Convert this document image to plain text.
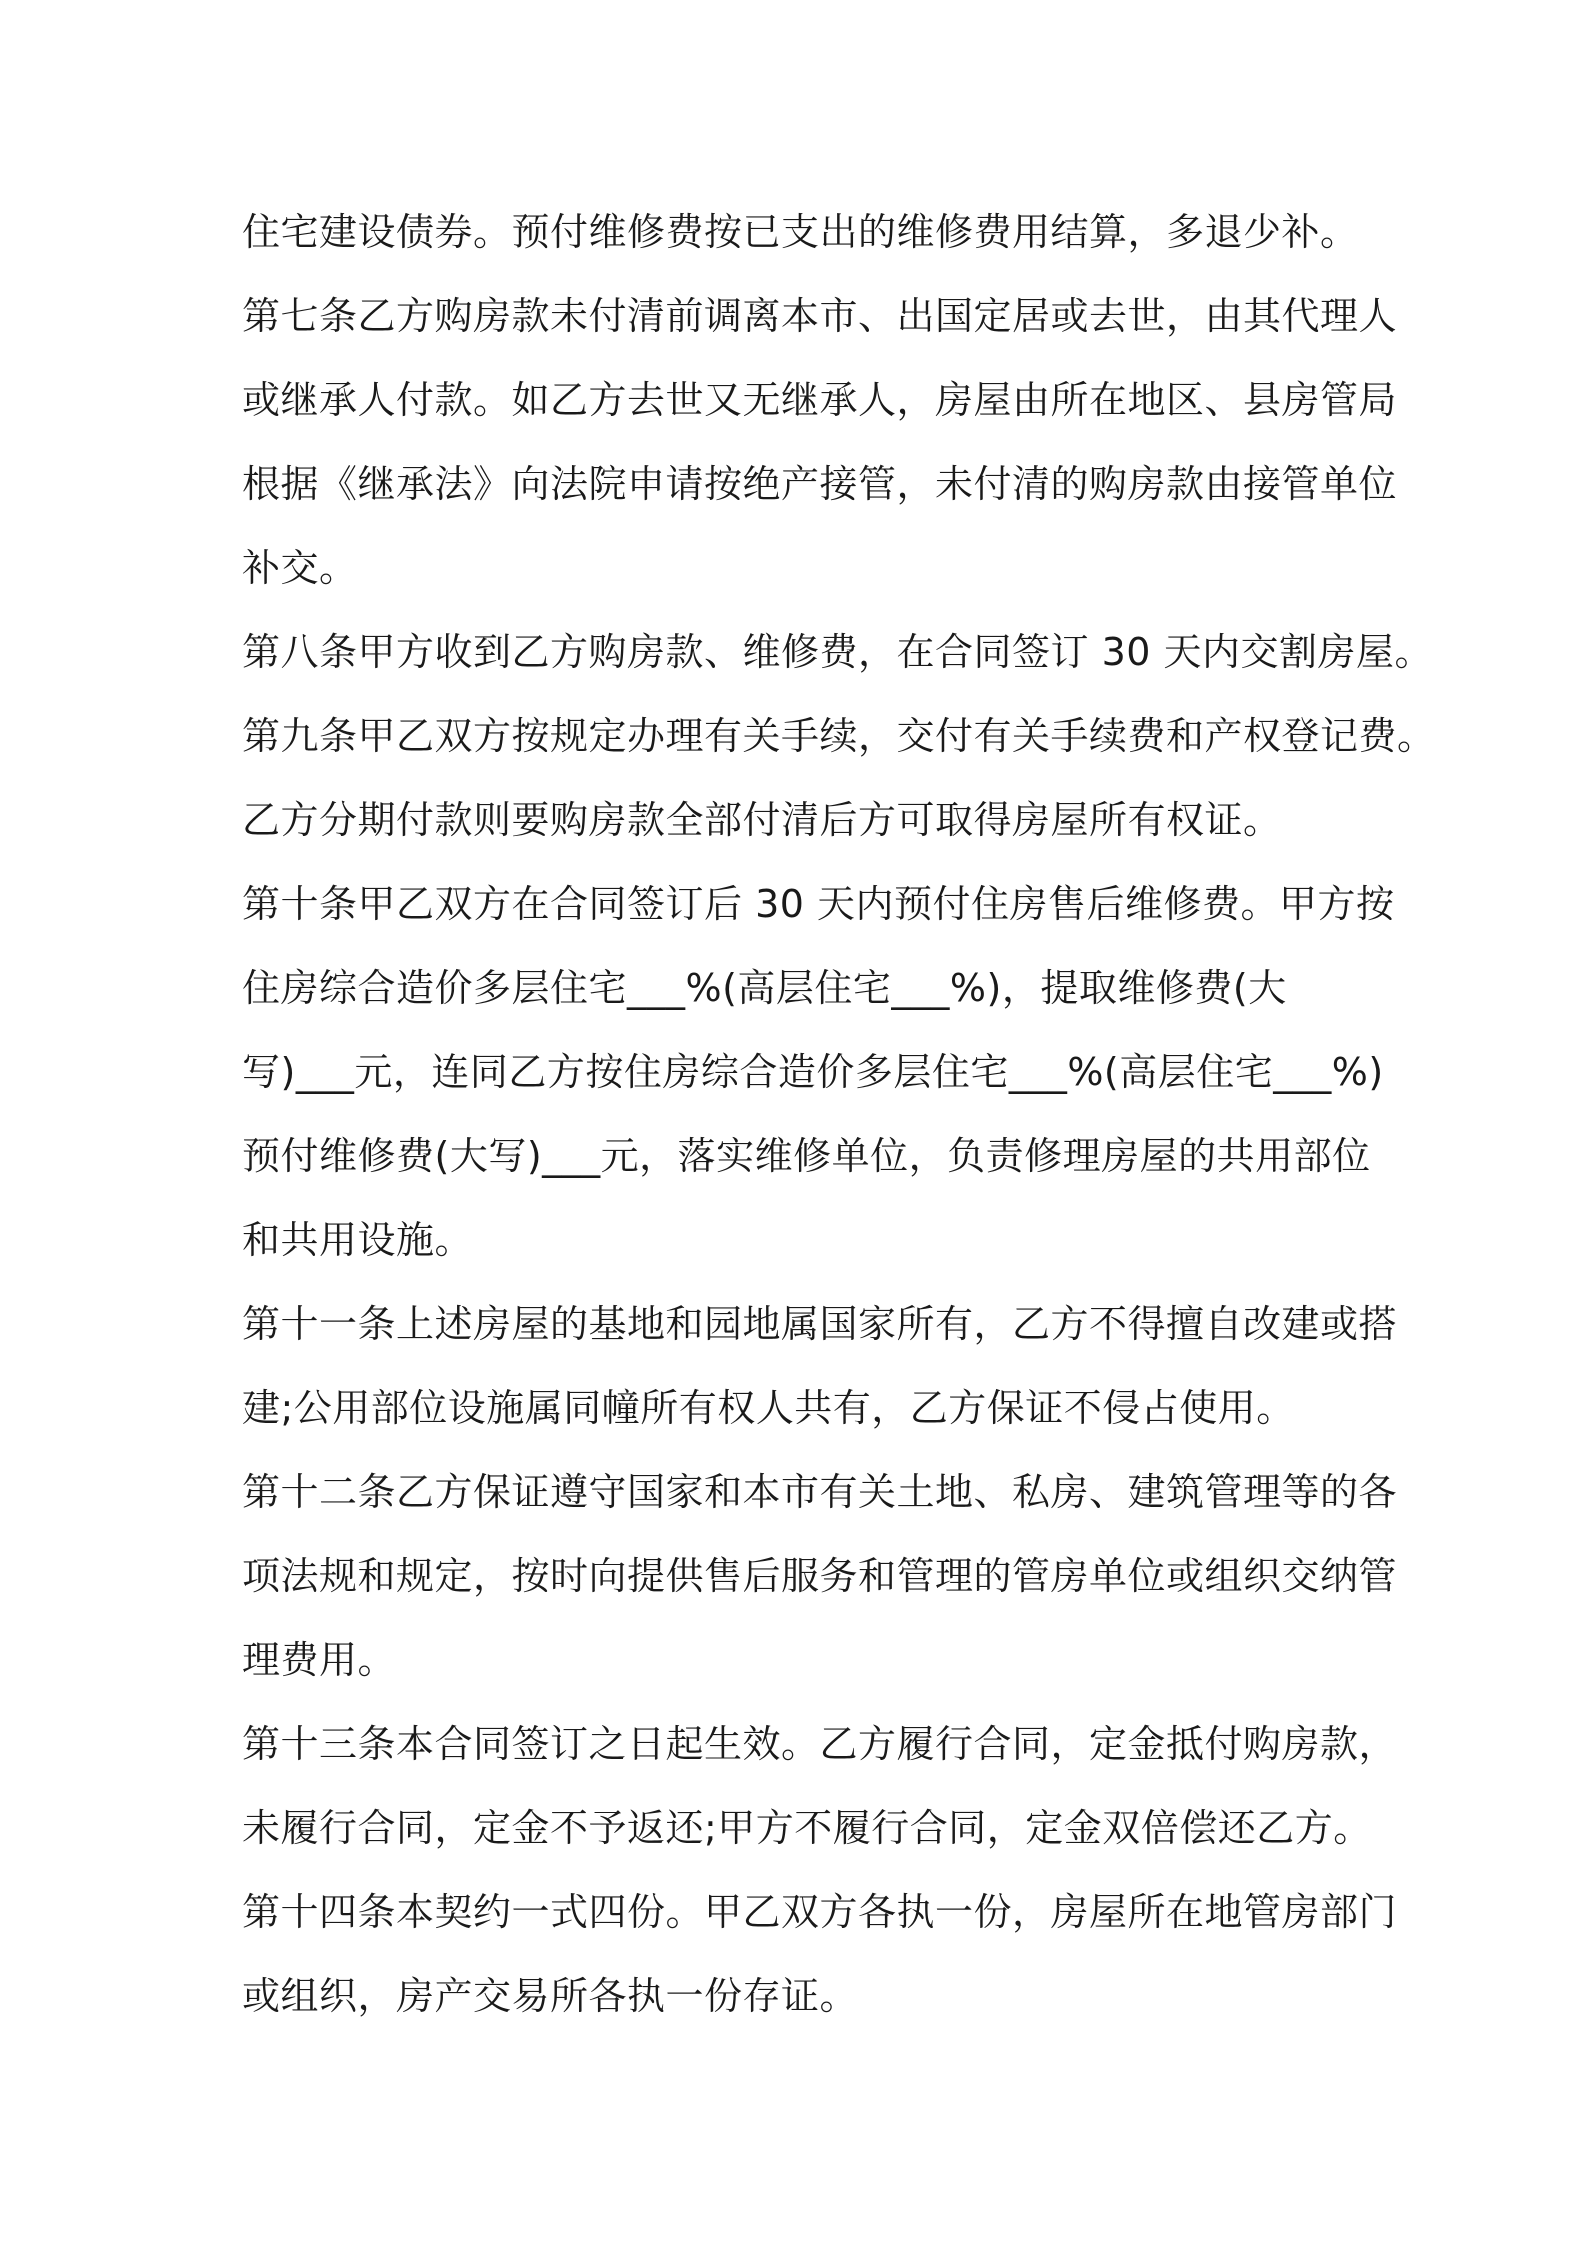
住宅建设债券。预付维修费按已支出的维修费用结算，多退少补。
第七条乙方购房款未付清前调离本市、出国定居或去世，由其代理人
或继承人付款。如乙方去世又无继承人，房屋由所在地区、县房管局
根据《继承法》向法院申请按绝产接管，未付清的购房款由接管单位
补交。
第八条甲方收到乙方购房款、维修费，在合同签订 30 天内交割房屋。
第九条甲乙双方按规定办理有关手续，交付有关手续费和产权登记费。
乙方分期付款则要购房款全部付清后方可取得房屋所有权证。
第十条甲乙双方在合同签订后 30 天内预付住房售后维修费。甲方按
住房综合造价多层住宅___%(高层住宅___%)，提取维修费(大
写)___元，连同乙方按住房综合造价多层住宅___%(高层住宅___%)
预付维修费(大写)___元，落实维修单位，负责修理房屋的共用部位
和共用设施。
第十一条上述房屋的基地和园地属国家所有，乙方不得擅自改建或搭
建;公用部位设施属同幢所有权人共有，乙方保证不侵占使用。
第十二条乙方保证遵守国家和本市有关土地、私房、建筑管理等的各
项法规和规定，按时向提供售后服务和管理的管房单位或组织交纳管
理费用。
第十三条本合同签订之日起生效。乙方履行合同，定金抵付购房款，
未履行合同，定金不予返还;甲方不履行合同，定金双倍偿还乙方。
第十四条本契约一式四份。甲乙双方各执一份，房屋所在地管房部门
或组织，房产交易所各执一份存证。
